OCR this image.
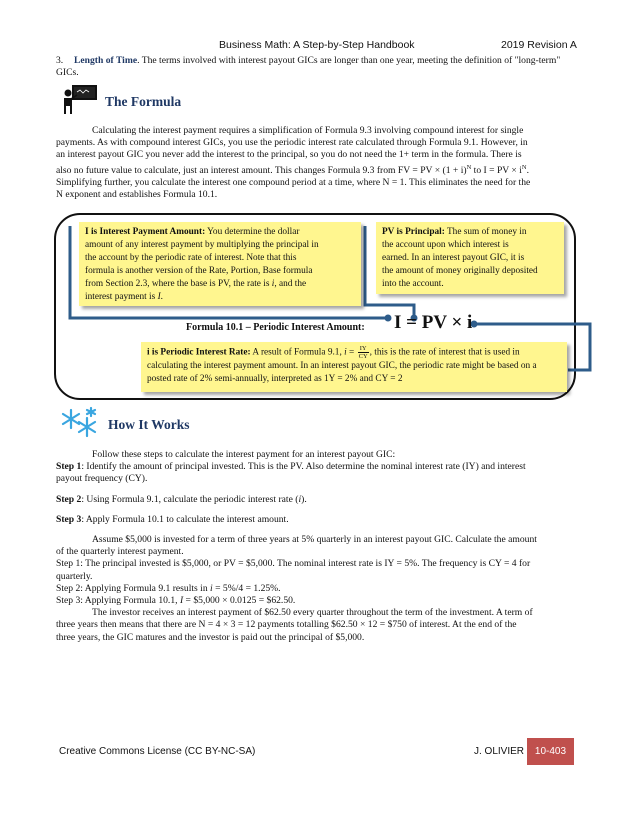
Business Math: A Step-by-Step Handbook	2019 Revision A
3. Length of Time. The terms involved with interest payout GICs are longer than one year, meeting the definition of "long-term" GICs.
The Formula
Calculating the interest payment requires a simplification of Formula 9.3 involving compound interest for single
payments. As with compound interest GICs, you use the periodic interest rate calculated through Formula 9.1. However, in
an interest payout GIC you never add the interest to the principal, so you do not need the 1+ term in the formula. There is
also no future value to calculate, just an interest amount. This changes Formula 9.3 from FV = PV × $(1 + i)^N$ to I = PV × $i^N$.
Simplifying further, you calculate the interest one compound period at a time, where N = 1. This eliminates the need for the
N exponent and establishes Formula 10.1.
I is Interest Payment Amount: You determine the dollar
amount of any interest payment by multiplying the principal in
the account by the periodic rate of interest. Note that this
formula is another version of the Rate, Portion, Base formula
from Section 2.3, where the base is PV, the rate is i, and the
interest payment is I.
PV is Principal: The sum of money in
the account upon which interest is
earned. In an interest payout GIC, it is
the amount of money originally deposited
into the account.
Formula 10.1 – Periodic Interest Amount: I = PV × i
i is Periodic Interest Rate: A result of Formula 9.1, $i = \frac{IY}{CY}$ , this is the rate of interest that is used in
calculating the interest payment amount. In an interest payout GIC, the periodic rate might be based on a
posted rate of 2% semi-annually, interpreted as 1Y = 2% and CY = 2
How It Works
Follow these steps to calculate the interest payment for an interest payout GIC:
Step 1: Identify the amount of principal invested. This is the PV. Also determine the nominal interest rate (IY) and interest
payout frequency (CY).
Step 2: Using Formula 9.1, calculate the periodic interest rate (i).
Step 3: Apply Formula 10.1 to calculate the interest amount.
Assume $5,000 is invested for a term of three years at 5% quarterly in an interest payout GIC. Calculate the amount
of the quarterly interest payment.
Step 1: The principal invested is $5,000, or PV = $5,000. The nominal interest rate is IY = 5%. The frequency is CY = 4 for
quarterly.
Step 2: Applying Formula 9.1 results in i = 5%/4 = 1.25%.
Step 3: Applying Formula 10.1, I = $5,000 × 0.0125 = $62.50.
The investor receives an interest payment of $62.50 every quarter throughout the term of the investment. A term of
three years then means that there are N = 4 × 3 = 12 payments totalling $62.50 × 12 = $750 of interest. At the end of the
three years, the GIC matures and the investor is paid out the principal of $5,000.
Creative Commons License (CC BY-NC-SA)	J. OLIVIER	10-403
